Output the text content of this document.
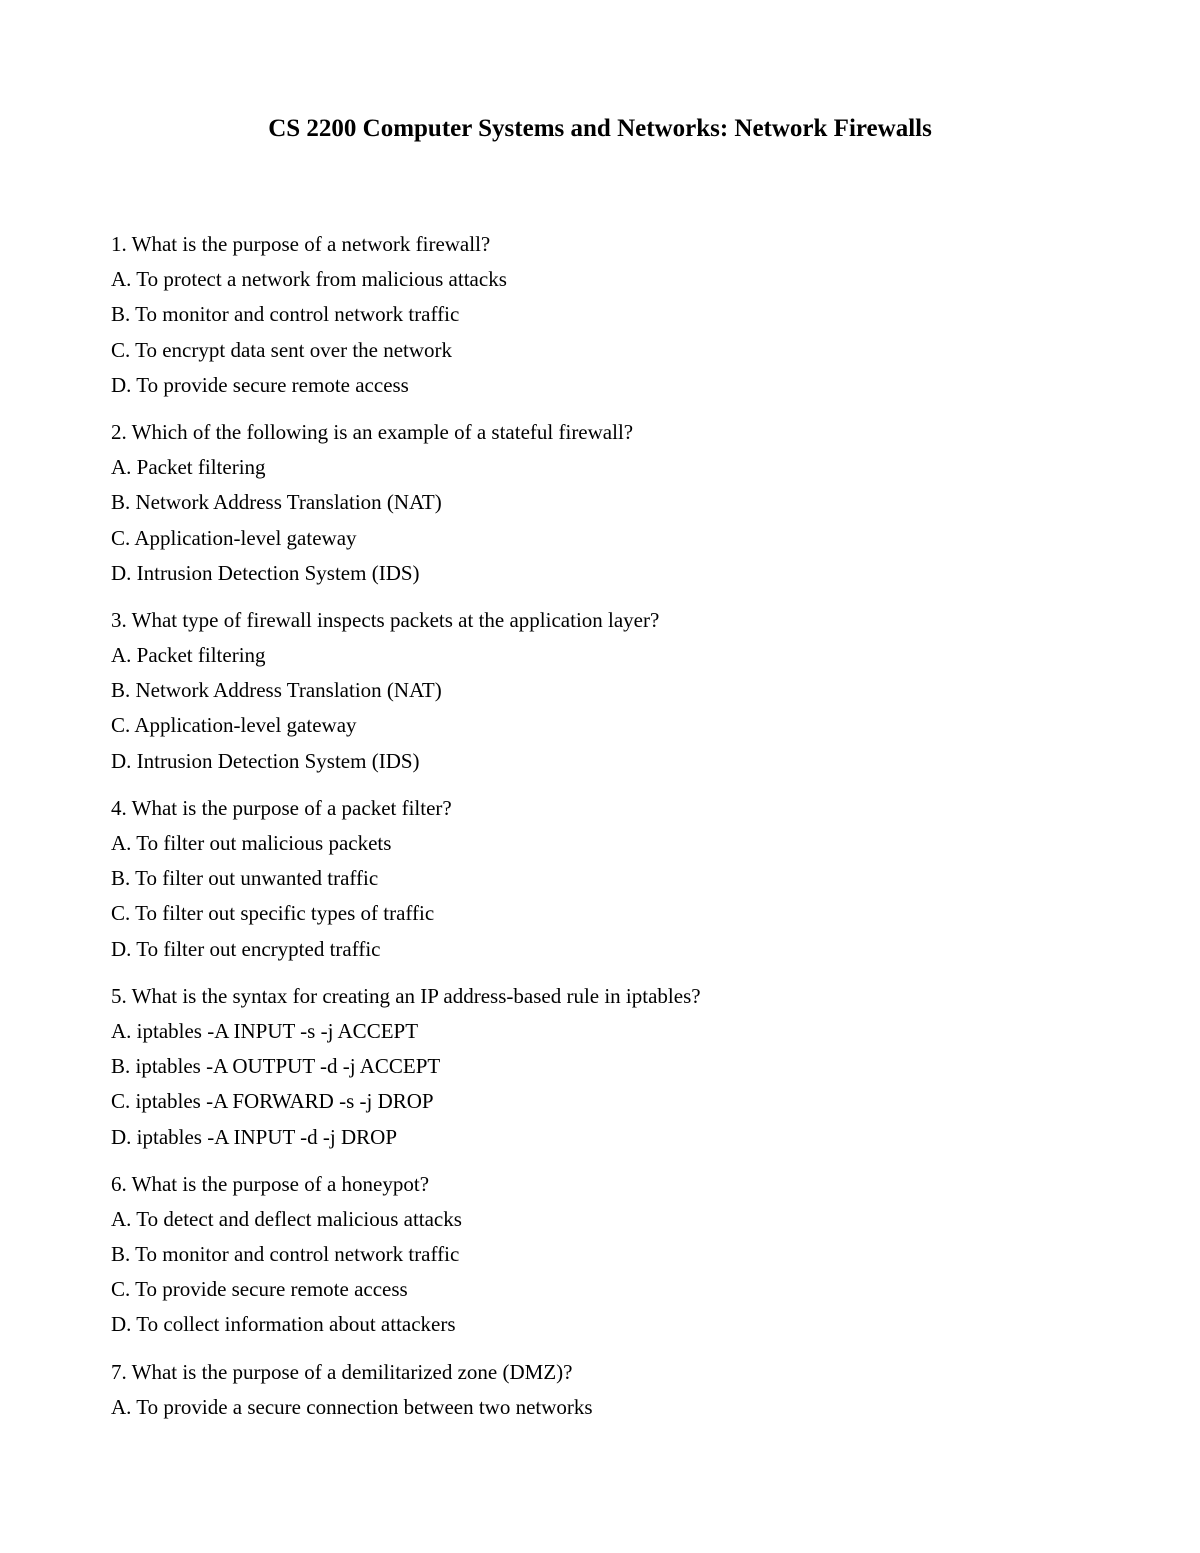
CS 2200 Computer Systems and Networks: Network Firewalls
1. What is the purpose of a network firewall?
A. To protect a network from malicious attacks
B. To monitor and control network traffic
C. To encrypt data sent over the network
D. To provide secure remote access
2. Which of the following is an example of a stateful firewall?
A. Packet filtering
B. Network Address Translation (NAT)
C. Application-level gateway
D. Intrusion Detection System (IDS)
3. What type of firewall inspects packets at the application layer?
A. Packet filtering
B. Network Address Translation (NAT)
C. Application-level gateway
D. Intrusion Detection System (IDS)
4. What is the purpose of a packet filter?
A. To filter out malicious packets
B. To filter out unwanted traffic
C. To filter out specific types of traffic
D. To filter out encrypted traffic
5. What is the syntax for creating an IP address-based rule in iptables?
A. iptables -A INPUT -s -j ACCEPT
B. iptables -A OUTPUT -d -j ACCEPT
C. iptables -A FORWARD -s -j DROP
D. iptables -A INPUT -d -j DROP
6. What is the purpose of a honeypot?
A. To detect and deflect malicious attacks
B. To monitor and control network traffic
C. To provide secure remote access
D. To collect information about attackers
7. What is the purpose of a demilitarized zone (DMZ)?
A. To provide a secure connection between two networks
